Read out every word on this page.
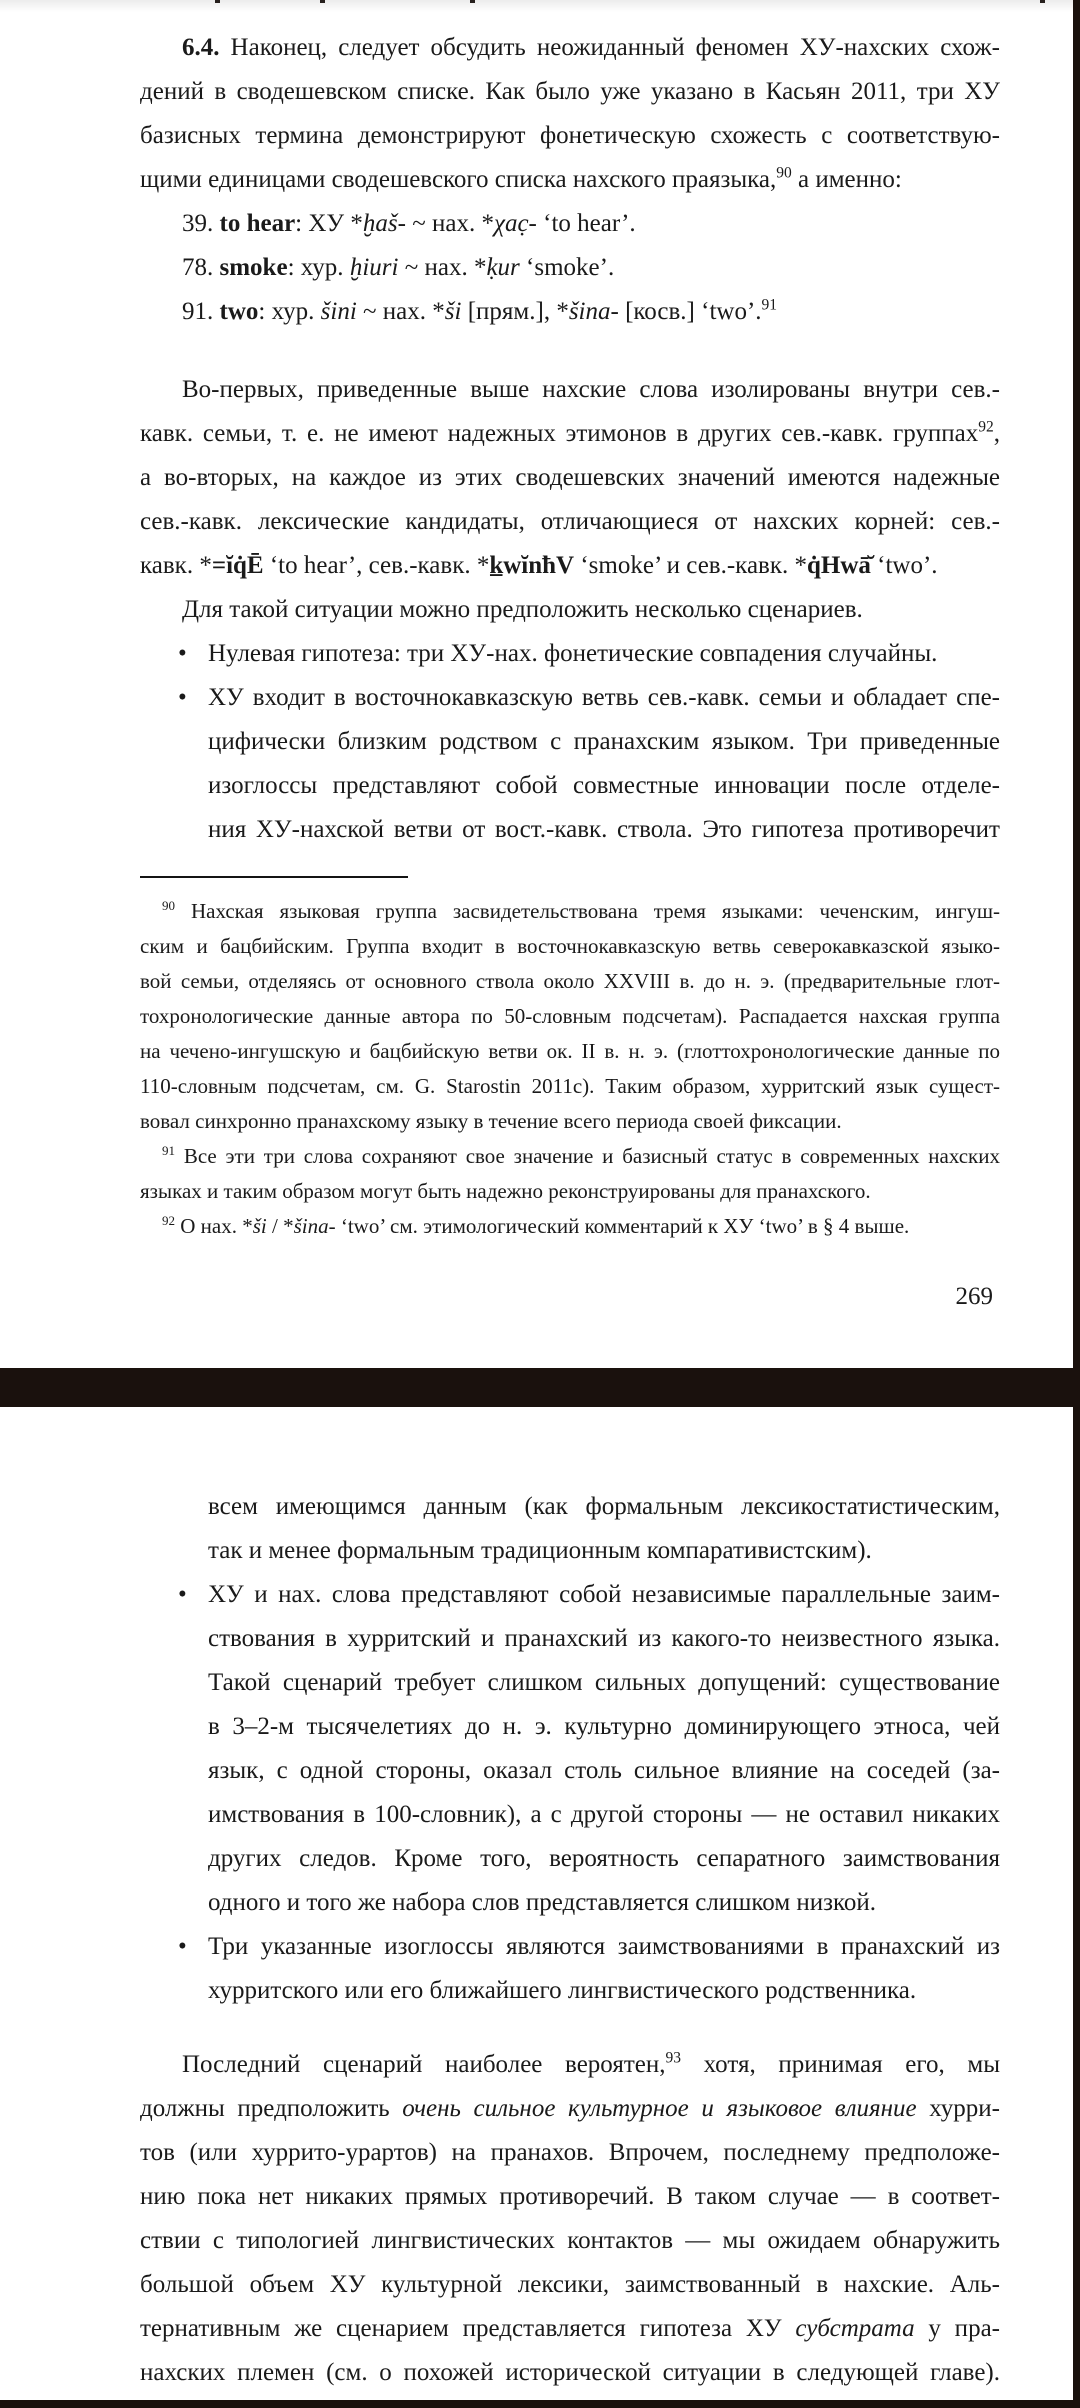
6.4. Наконец, следует обсудить неожиданный феномен ХУ-нахских схож-
дений в сводешевском списке. Как было уже указано в Касьян 2011, три ХУ
базисных термина демонстрируют фонетическую схожесть с соответствую-
щими единицами сводешевского списка нахского праязыка,$^{90}$ а именно:
39. to hear: ХУ *ḫaš- ~ нах. *χac̣- ‘to hear’.
78. smoke: хур. ḫiuri ~ нах. *ḳur ‘smoke’.
91. two: хур. šini ~ нах. *ši [прям.], *šina- [косв.] ‘two’.$^{91}$
Во-первых, приведенные выше нахские слова изолированы внутри сев.-
кавк. семьи, т. е. не имеют надежных этимонов в других сев.-кавк. группах$^{92}$,
а во-вторых, на каждое из этих сводешевских значений имеются надежные
сев.-кавк. лексические кандидаты, отличающиеся от нахских корней: сев.-
кавк. *=ĭq̇Ē ‘to hear’, сев.-кавк. *k̲wĭnħV ‘smoke’ и сев.-кавк. *q̇Hwā̆ ‘two’.
Для такой ситуации можно предположить несколько сценариев.
• Нулевая гипотеза: три ХУ-нах. фонетические совпадения случайны.
• ХУ входит в восточнокавказскую ветвь сев.-кавк. семьи и обладает спе-
цифически близким родством с пранахским языком. Три приведенные
изоглоссы представляют собой совместные инновации после отделе-
ния ХУ-нахской ветви от вост.-кавк. ствола. Это гипотеза противоречит
$^{90}$ Нахская языковая группа засвидетельствована тремя языками: чеченским, ингуш-
ским и бацбийским. Группа входит в восточнокавказскую ветвь северокавказской языко-
вой семьи, отделяясь от основного ствола около XXVIII в. до н. э. (предварительные глот-
тохронологические данные автора по 50-словным подсчетам). Распадается нахская группа
на чечено-ингушскую и бацбийскую ветви ок. II в. н. э. (глоттохронологические данные по
110-словным подсчетам, см. G. Starostin 2011c). Таким образом, хурритский язык сущест-
вовал синхронно пранахскому языку в течение всего периода своей фиксации.
$^{91}$ Все эти три слова сохраняют свое значение и базисный статус в современных нахских
языках и таким образом могут быть надежно реконструированы для пранахского.
$^{92}$ О нах. *ši / *šina- ‘two’ см. этимологический комментарий к ХУ ‘two’ в § 4 выше.
269
всем имеющимся данным (как формальным лексикостатистическим,
так и менее формальным традиционным компаративистским).
• ХУ и нах. слова представляют собой независимые параллельные заим-
ствования в хурритский и пранахский из какого-то неизвестного языка.
Такой сценарий требует слишком сильных допущений: существование
в 3–2-м тысячелетиях до н. э. культурно доминирующего этноса, чей
язык, с одной стороны, оказал столь сильное влияние на соседей (за-
имствования в 100-словник), а с другой стороны — не оставил никаких
других следов. Кроме того, вероятность сепаратного заимствования
одного и того же набора слов представляется слишком низкой.
• Три указанные изоглоссы являются заимствованиями в пранахский из
хурритского или его ближайшего лингвистического родственника.
Последний сценарий наиболее вероятен,$^{93}$ хотя, принимая его, мы
должны предположить очень сильное культурное и языковое влияние хурри-
тов (или хуррито-урартов) на пранахов. Впрочем, последнему предположе-
нию пока нет никаких прямых противоречий. В таком случае — в соответ-
ствии с типологией лингвистических контактов — мы ожидаем обнаружить
большой объем ХУ культурной лексики, заимствованный в нахские. Аль-
тернативным же сценарием представляется гипотеза ХУ субстрата у пра-
нахских племен (см. о похожей исторической ситуации в следующей главе).
